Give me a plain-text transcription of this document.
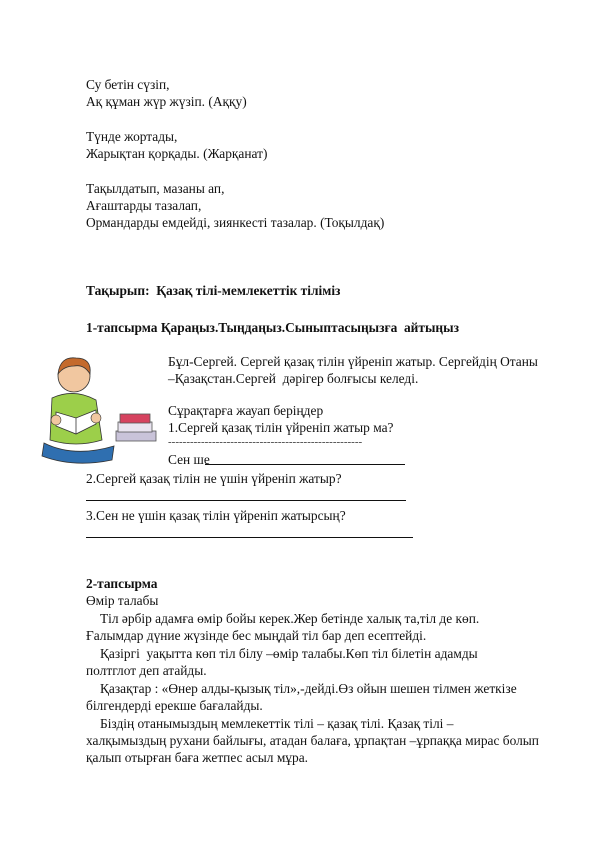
Су бетін сүзіп,
Ақ құман жүр жүзіп. (Аққу)
Түнде жортады,
Жарықтан қорқады. (Жарқанат)
Тақылдатып, мазаны ап,
Ағаштарды тазалап,
Ормандарды емдейді, зиянкесті тазалар. (Тоқылдақ)
Тақырып:  Қазақ тілі-мемлекеттік тіліміз
1-тапсырма Қараңыз.Тыңдаңыз.Сыныптасыңызға  айтыңыз
Бұл-Сергей. Сергей қазақ тілін үйреніп жатыр. Сергейдің Отаны
–Қазақстан.Сергей  дәрігер болғысы келеді.
Сұрақтарға жауап беріңдер
1.Сергей қазақ тілін үйреніп жатыр ма?
-----------------------------------------------------
Сен ше
2.Сергей қазақ тілін не үшін үйреніп жатыр?
3.Сен не үшін қазақ тілін үйреніп жатырсың?
2-тапсырма
Өмір талабы
Тіл әрбір адамға өмір бойы керек.Жер бетінде халық та,тіл де көп.
Ғалымдар дүние жүзінде бес мыңдай тіл бар деп есептейді.
Қазіргі  уақытта көп тіл білу –өмір талабы.Көп тіл білетін адамды
полтглот деп атайды.
Қазақтар : «Өнер алды-қызық тіл»,-дейді.Өз ойын шешен тілмен жеткізе
білгендерді ерекше бағалайды.
Біздің отанымыздың мемлекеттік тілі – қазақ тілі. Қазақ тілі –
халқымыздың рухани байлығы, атадан балаға, ұрпақтан –ұрпаққа мирас болып
қалып отырған баға жетпес асыл мұра.
